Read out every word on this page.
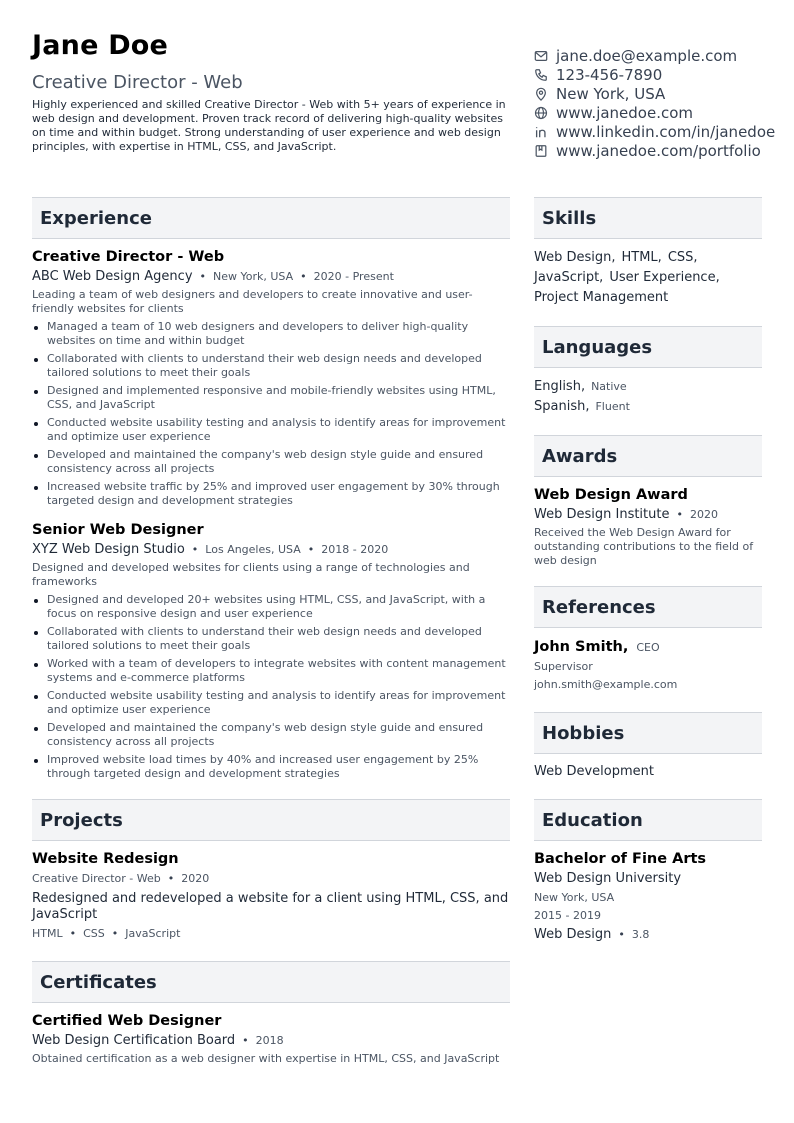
Jane Doe
Creative Director - Web
Highly experienced and skilled Creative Director - Web with 5+ years of experience in web design and development. Proven track record of delivering high-quality websites on time and within budget. Strong understanding of user experience and web design principles, with expertise in HTML, CSS, and JavaScript.
jane.doe@example.com
123-456-7890
New York, USA
www.janedoe.com
www.linkedin.com/in/janedoe
www.janedoe.com/portfolio
Experience
Creative Director - Web
ABC Web Design Agency • New York, USA • 2020 - Present
Leading a team of web designers and developers to create innovative and user-friendly websites for clients
Managed a team of 10 web designers and developers to deliver high-quality websites on time and within budget
Collaborated with clients to understand their web design needs and developed tailored solutions to meet their goals
Designed and implemented responsive and mobile-friendly websites using HTML, CSS, and JavaScript
Conducted website usability testing and analysis to identify areas for improvement and optimize user experience
Developed and maintained the company's web design style guide and ensured consistency across all projects
Increased website traffic by 25% and improved user engagement by 30% through targeted design and development strategies
Senior Web Designer
XYZ Web Design Studio • Los Angeles, USA • 2018 - 2020
Designed and developed websites for clients using a range of technologies and frameworks
Designed and developed 20+ websites using HTML, CSS, and JavaScript, with a focus on responsive design and user experience
Collaborated with clients to understand their web design needs and developed tailored solutions to meet their goals
Worked with a team of developers to integrate websites with content management systems and e-commerce platforms
Conducted website usability testing and analysis to identify areas for improvement and optimize user experience
Developed and maintained the company's web design style guide and ensured consistency across all projects
Improved website load times by 40% and increased user engagement by 25% through targeted design and development strategies
Projects
Website Redesign
Creative Director - Web • 2020
Redesigned and redeveloped a website for a client using HTML, CSS, and JavaScript
HTML • CSS • JavaScript
Certificates
Certified Web Designer
Web Design Certification Board • 2018
Obtained certification as a web designer with expertise in HTML, CSS, and JavaScript
Skills
Web Design, HTML, CSS,
JavaScript, User Experience,
Project Management
Languages
English, Native
Spanish, Fluent
Awards
Web Design Award
Web Design Institute • 2020
Received the Web Design Award for outstanding contributions to the field of web design
References
John Smith, CEO
Supervisor
john.smith@example.com
Hobbies
Web Development
Education
Bachelor of Fine Arts
Web Design University
New York, USA
2015 - 2019
Web Design • 3.8
